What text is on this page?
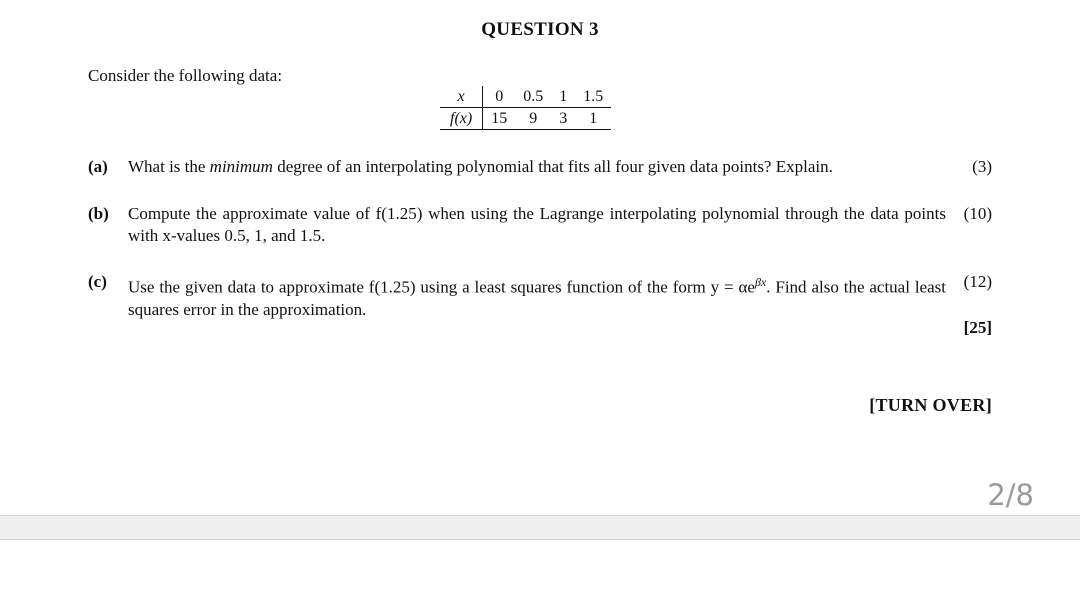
QUESTION 3
Consider the following data:
x	0	0.5	1	1.5
f(x)	15	9	3	1
(a) What is the minimum degree of an interpolating polynomial that fits all four given data points? Explain.	(3)
(b) Compute the approximate value of f(1.25) when using the Lagrange interpolating polynomial through the data points with x-values 0.5, 1, and 1.5.
(10)
(c) Use the given data to approximate f(1.25) using a least squares function of the form $y = \alpha e^{\beta x}$. Find also the actual least squares error in the approximation.
(12)
[25]
[TURN OVER]
2/8
